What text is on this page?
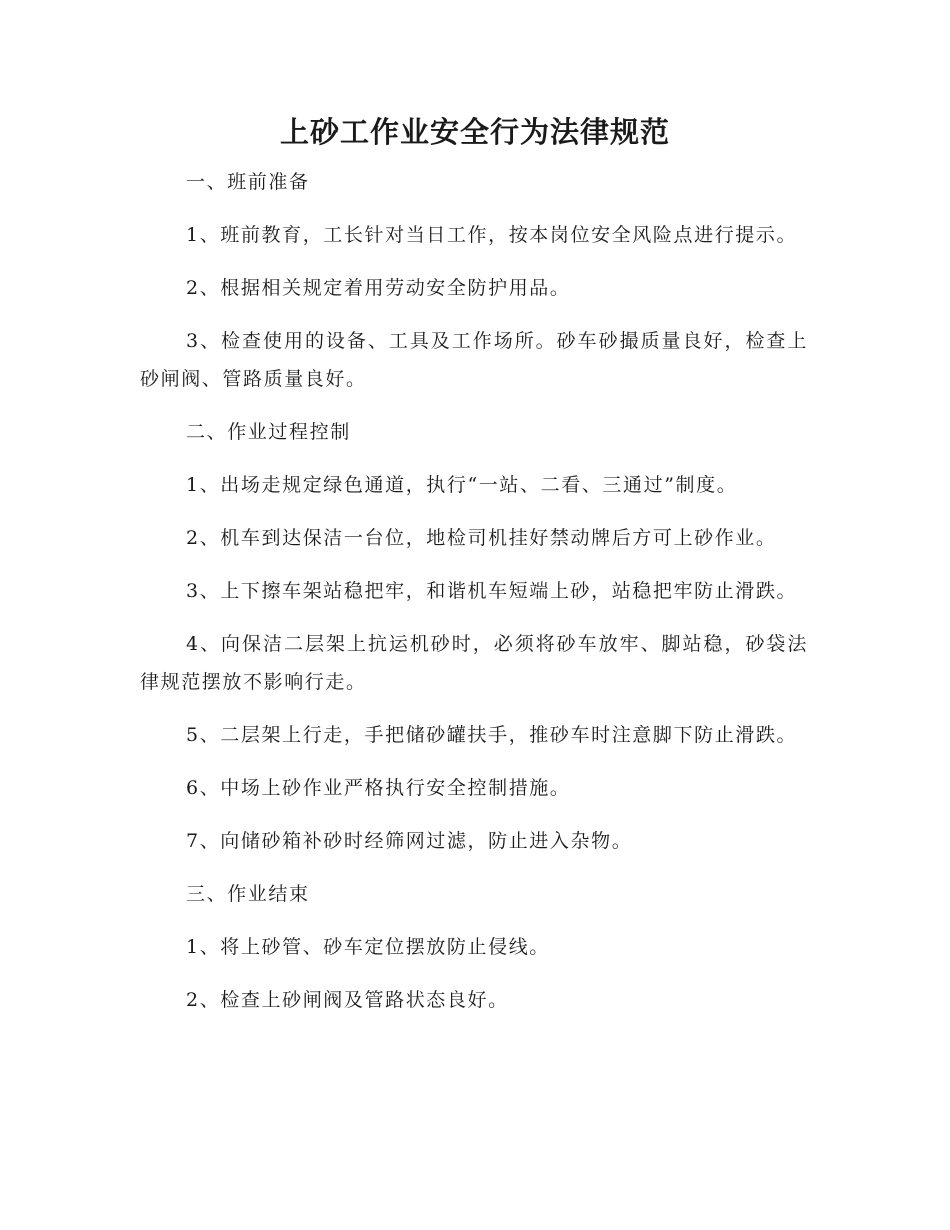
上砂工作业安全行为法律规范

一、班前准备

1、班前教育，工长针对当日工作，按本岗位安全风险点进行提示。

2、根据相关规定着用劳动安全防护用品。

3、检查使用的设备、工具及工作场所。砂车砂撮质量良好，检查上砂闸阀、管路质量良好。

二、作业过程控制

1、出场走规定绿色通道，执行“一站、二看、三通过”制度。

2、机车到达保洁一台位，地检司机挂好禁动牌后方可上砂作业。

3、上下擦车架站稳把牢，和谐机车短端上砂，站稳把牢防止滑跌。

4、向保洁二层架上抗运机砂时，必须将砂车放牢、脚站稳，砂袋法律规范摆放不影响行走。

5、二层架上行走，手把储砂罐扶手，推砂车时注意脚下防止滑跌。

6、中场上砂作业严格执行安全控制措施。

7、向储砂箱补砂时经筛网过滤，防止进入杂物。

三、作业结束

1、将上砂管、砂车定位摆放防止侵线。

2、检查上砂闸阀及管路状态良好。
